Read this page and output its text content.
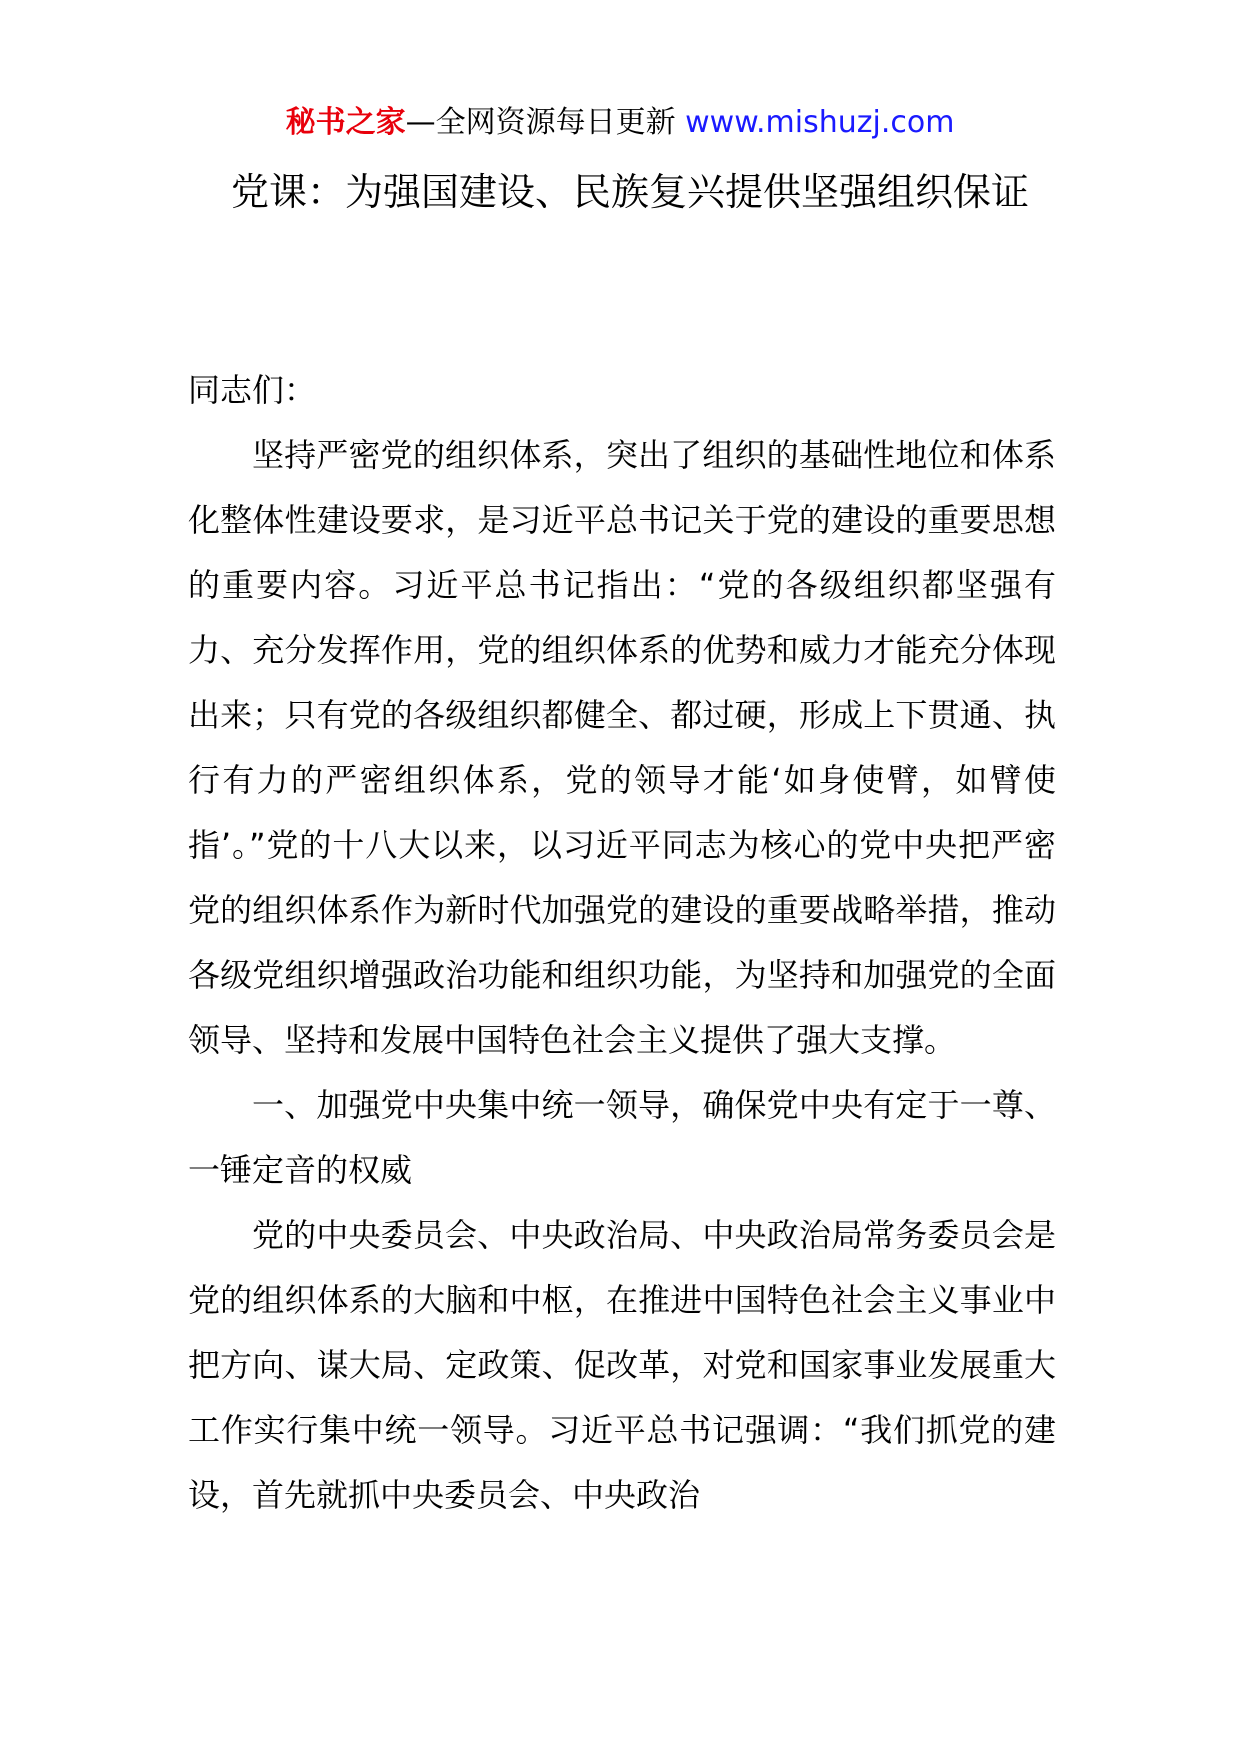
秘书之家—全网资源每日更新 www.mishuzj.com
党课：为强国建设、民族复兴提供坚强组织保证

同志们：

坚持严密党的组织体系，突出了组织的基础性地位和体系化整体性建设要求，是习近平总书记关于党的建设的重要思想的重要内容。习近平总书记指出：“党的各级组织都坚强有力、充分发挥作用，党的组织体系的优势和威力才能充分体现出来；只有党的各级组织都健全、都过硬，形成上下贯通、执行有力的严密组织体系，党的领导才能‘如身使臂，如臂使指’。”党的十八大以来，以习近平同志为核心的党中央把严密党的组织体系作为新时代加强党的建设的重要战略举措，推动各级党组织增强政治功能和组织功能，为坚持和加强党的全面领导、坚持和发展中国特色社会主义提供了强大支撑。

一、加强党中央集中统一领导，确保党中央有定于一尊、一锤定音的权威

党的中央委员会、中央政治局、中央政治局常务委员会是党的组织体系的大脑和中枢，在推进中国特色社会主义事业中把方向、谋大局、定政策、促改革，对党和国家事业发展重大工作实行集中统一领导。习近平总书记强调：“我们抓党的建设，首先就抓中央委员会、中央政治
